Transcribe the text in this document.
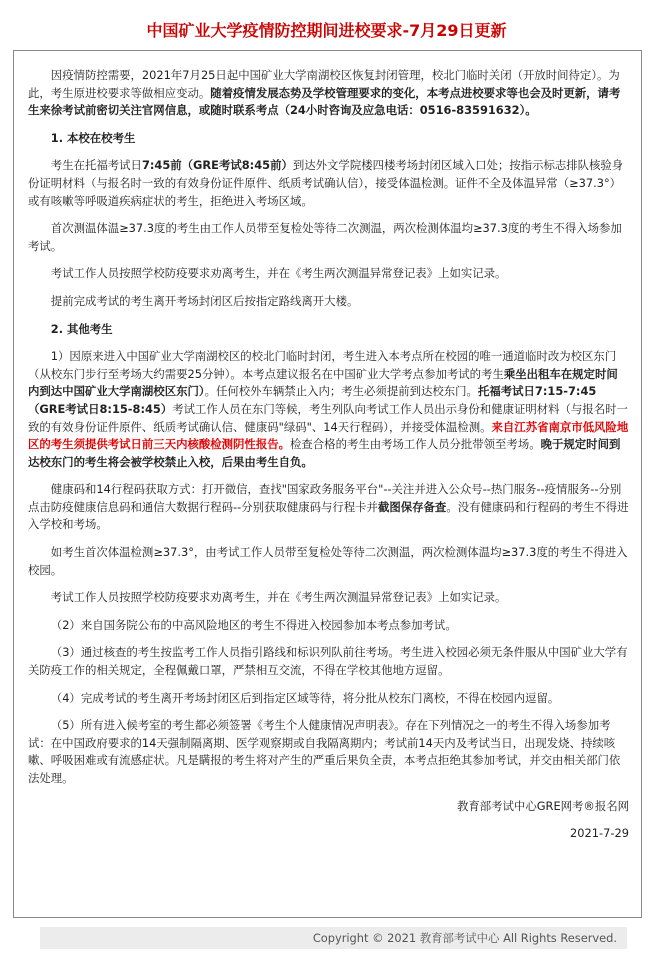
中国矿业大学疫情防控期间进校要求-7月29日更新

因疫情防控需要，2021年7月25日起中国矿业大学南湖校区恢复封闭管理，校北门临时关闭（开放时间待定）。为此，考生原进校要求等做相应变动。随着疫情发展态势及学校管理要求的变化，本考点进校要求等也会及时更新，请考生来徐考试前密切关注官网信息，或随时联系考点（24小时咨询及应急电话：0516-83591632）。

1. 本校在校考生

考生在托福考试日7:45前（GRE考试8:45前）到达外文学院楼四楼考场封闭区域入口处；按指示标志排队核验身份证明材料（与报名时一致的有效身份证件原件、纸质考试确认信），接受体温检测。证件不全及体温异常（≥37.3°）或有咳嗽等呼吸道疾病症状的考生，拒绝进入考场区域。

首次测温体温≥37.3度的考生由工作人员带至复检处等待二次测温，两次检测体温均≥37.3度的考生不得入场参加考试。

考试工作人员按照学校防疫要求劝离考生，并在《考生两次测温异常登记表》上如实记录。

提前完成考试的考生离开考场封闭区后按指定路线离开大楼。

2. 其他考生

1）因原来进入中国矿业大学南湖校区的校北门临时封闭，考生进入本考点所在校园的唯一通道临时改为校区东门（从校东门步行至考场大约需要25分钟）。本考点建议报名在中国矿业大学考点参加考试的考生乘坐出租车在规定时间内到达中国矿业大学南湖校区东门）。任何校外车辆禁止入内；考生必须提前到达校东门。托福考试日7:15-7:45（GRE考试日8:15-8:45）考试工作人员在东门等候，考生列队向考试工作人员出示身份和健康证明材料（与报名时一致的有效身份证件原件、纸质考试确认信、健康码"绿码"、14天行程码），并接受体温检测。来自江苏省南京市低风险地区的考生须提供考试日前三天内核酸检测阴性报告。检查合格的考生由考场工作人员分批带领至考场。晚于规定时间到达校东门的考生将会被学校禁止入校，后果由考生自负。

健康码和14行程码获取方式：打开微信，查找"国家政务服务平台"--关注并进入公众号--热门服务--疫情服务--分别点击防疫健康信息码和通信大数据行程码--分别获取健康码与行程卡并截图保存备查。没有健康码和行程码的考生不得进入学校和考场。

如考生首次体温检测≥37.3°，由考试工作人员带至复检处等待二次测温，两次检测体温均≥37.3度的考生不得进入校园。

考试工作人员按照学校防疫要求劝离考生，并在《考生两次测温异常登记表》上如实记录。

（2）来自国务院公布的中高风险地区的考生不得进入校园参加本考点参加考试。

（3）通过核查的考生按监考工作人员指引路线和标识列队前往考场。考生进入校园必须无条件服从中国矿业大学有关防疫工作的相关规定，全程佩戴口罩，严禁相互交流，不得在学校其他地方逗留。

（4）完成考试的考生离开考场封闭区后到指定区域等待，将分批从校东门离校，不得在校园内逗留。

（5）所有进入候考室的考生都必须签署《考生个人健康情况声明表》。存在下列情况之一的考生不得入场参加考试：在中国政府要求的14天强制隔离期、医学观察期或自我隔离期内；考试前14天内及考试当日，出现发烧、持续咳嗽、呼吸困难或有流感症状。凡是瞒报的考生将对产生的严重后果负全责，本考点拒绝其参加考试，并交由相关部门依法处理。

教育部考试中心GRE网考®报名网

2021-7-29

Copyright © 2021 教育部考试中心 All Rights Reserved.
